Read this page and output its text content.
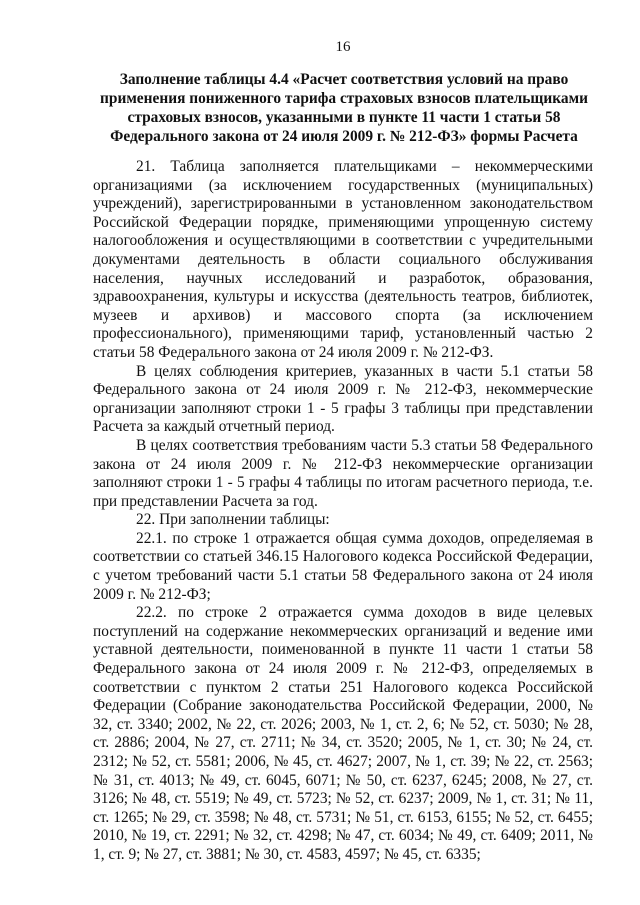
16
Заполнение таблицы 4.4 «Расчет соответствия условий на право применения пониженного тарифа страховых взносов плательщиками страховых взносов, указанными в пункте 11 части 1 статьи 58 Федерального закона от 24 июля 2009 г. № 212-ФЗ» формы Расчета

21. Таблица заполняется плательщиками – некоммерческими организациями (за исключением государственных (муниципальных) учреждений), зарегистрированными в установленном законодательством Российской Федерации порядке, применяющими упрощенную систему налогообложения и осуществляющими в соответствии с учредительными документами деятельность в области социального обслуживания населения, научных исследований и разработок, образования, здравоохранения, культуры и искусства (деятельность театров, библиотек, музеев и архивов) и массового спорта (за исключением профессионального), применяющими тариф, установленный частью 2 статьи 58 Федерального закона от 24 июля 2009 г. № 212-ФЗ.

В целях соблюдения критериев, указанных в части 5.1 статьи 58 Федерального закона от 24 июля 2009 г. № 212-ФЗ, некоммерческие организации заполняют строки 1 - 5 графы 3 таблицы при представлении Расчета за каждый отчетный период.

В целях соответствия требованиям части 5.3 статьи 58 Федерального закона от 24 июля 2009 г. № 212-ФЗ некоммерческие организации заполняют строки 1 - 5 графы 4 таблицы по итогам расчетного периода, т.е. при представлении Расчета за год.

22. При заполнении таблицы:

22.1. по строке 1 отражается общая сумма доходов, определяемая в соответствии со статьей 346.15 Налогового кодекса Российской Федерации, с учетом требований части 5.1 статьи 58 Федерального закона от 24 июля 2009 г. № 212-ФЗ;

22.2. по строке 2 отражается сумма доходов в виде целевых поступлений на содержание некоммерческих организаций и ведение ими уставной деятельности, поименованной в пункте 11 части 1 статьи 58 Федерального закона от 24 июля 2009 г. № 212-ФЗ, определяемых в соответствии с пунктом 2 статьи 251 Налогового кодекса Российской Федерации (Собрание законодательства Российской Федерации, 2000, № 32, ст. 3340; 2002, № 22, ст. 2026; 2003, № 1, ст. 2, 6; № 52, ст. 5030; № 28, ст. 2886; 2004, № 27, ст. 2711; № 34, ст. 3520; 2005, № 1, ст. 30; № 24, ст. 2312; № 52, ст. 5581; 2006, № 45, ст. 4627; 2007, № 1, ст. 39; № 22, ст. 2563; № 31, ст. 4013; № 49, ст. 6045, 6071; № 50, ст. 6237, 6245; 2008, № 27, ст. 3126; № 48, ст. 5519; № 49, ст. 5723; № 52, ст. 6237; 2009, № 1, ст. 31; № 11, ст. 1265; № 29, ст. 3598; № 48, ст. 5731; № 51, ст. 6153, 6155; № 52, ст. 6455; 2010, № 19, ст. 2291; № 32, ст. 4298; № 47, ст. 6034; № 49, ст. 6409; 2011, № 1, ст. 9; № 27, ст. 3881; № 30, ст. 4583, 4597; № 45, ст. 6335;
